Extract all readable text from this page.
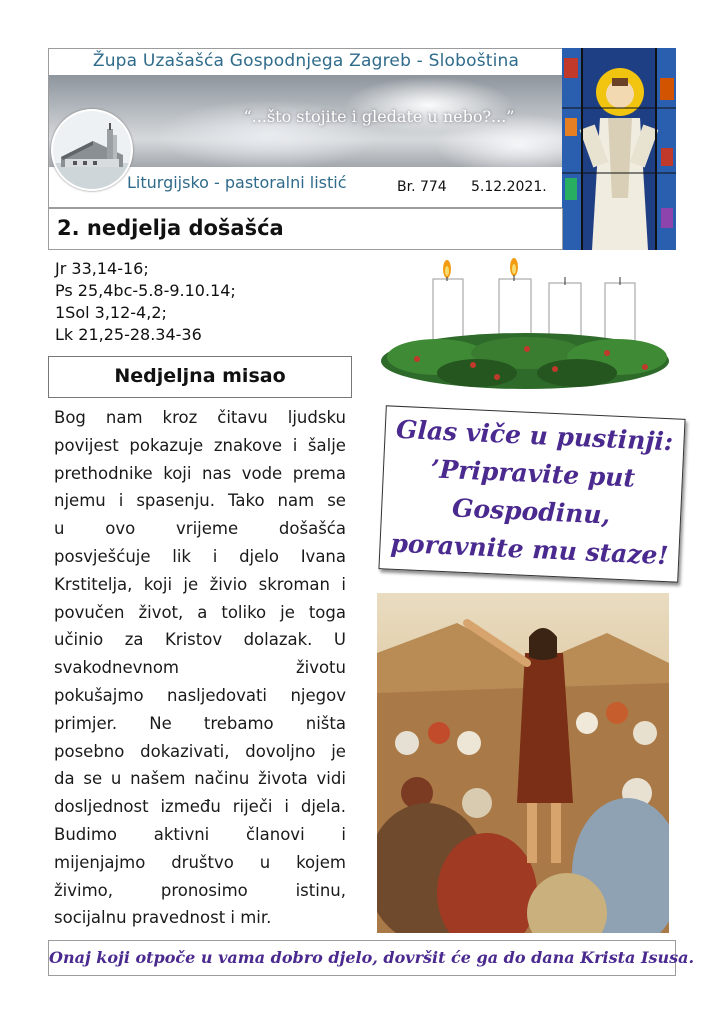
Župa Uzašašća Gospodnjega Zagreb - Sloboština
“...što stojite i gledate u nebo?...”
Liturgijsko - pastoralni listić	Br. 774 5.12.2021.
2. nedjelja došašća
Jr 33,14-16;
Ps 25,4bc-5.8-9.10.14;
1Sol 3,12-4,2;
Lk 21,25-28.34-36
Nedjeljna misao
Bog nam kroz čitavu ljudsku
povijest pokazuje znakove i šalje
prethodnike koji nas vode prema
njemu i spasenju. Tako nam se
u ovo vrijeme došašća
posvješćuje lik i djelo Ivana
Krstitelja, koji je živio skroman i
povučen život, a toliko je toga
učinio za Kristov dolazak. U
svakodnevnom	životu
pokušajmo nasljedovati njegov
primjer. Ne trebamo ništa
posebno dokazivati, dovoljno je
da se u našem načinu života vidi
dosljednost između riječi i djela.
Budimo aktivni članovi i
mijenjajmo društvo u kojem
živimo,	pronosimo	istinu,
socijalnu pravednost i mir.
Glas viče u pustinji:
’Pripravite put
Gospodinu,
poravnite mu staze!
Onaj koji otpoče u vama dobro djelo, dovršit će ga do dana Krista Isusa.
